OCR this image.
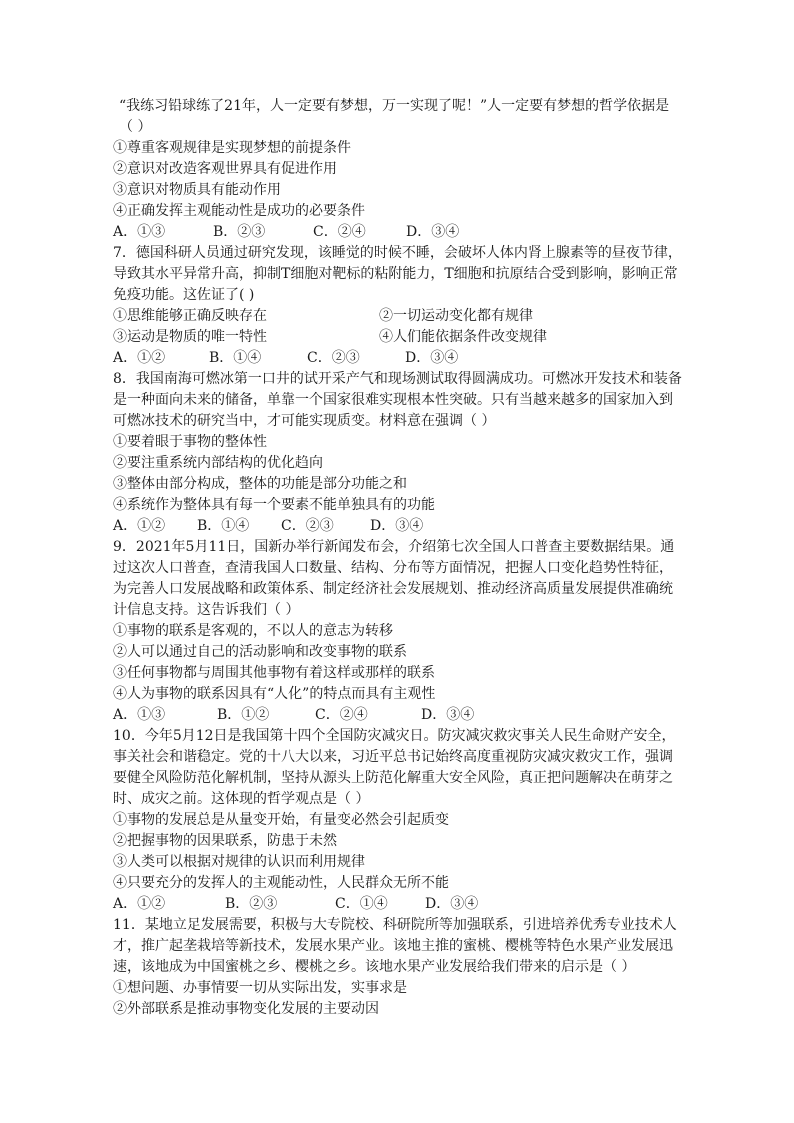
“我练习铅球练了21年，人一定要有梦想，万一实现了呢！”人一定要有梦想的哲学依据是
（ ）
①尊重客观规律是实现梦想的前提条件
②意识对改造客观世界具有促进作用
③意识对物质具有能动作用
④正确发挥主观能动性是成功的必要条件
A．①③	B．②③	C．②④	D．③④
7．德国科研人员通过研究发现，该睡觉的时候不睡，会破坏人体内肾上腺素等的昼夜节律，
导致其水平异常升高，抑制T细胞对靶标的粘附能力，T细胞和抗原结合受到影响，影响正常
免疫功能。这佐证了( )
①思维能够正确反映存在	②一切运动变化都有规律
③运动是物质的唯一特性	④人们能依据条件改变规律
A．①②	B．①④	C．②③	D．③④
8．我国南海可燃冰第一口井的试开采产气和现场测试取得圆满成功。可燃冰开发技术和装备
是一种面向未来的储备，单靠一个国家很难实现根本性突破。只有当越来越多的国家加入到
可燃冰技术的研究当中，才可能实现质变。材料意在强调（ ）
①要着眼于事物的整体性
②要注重系统内部结构的优化趋向
③整体由部分构成，整体的功能是部分功能之和
④系统作为整体具有每一个要素不能单独具有的功能
A．①②	B．①④	C．②③	D．③④
9．2021年5月11日，国新办举行新闻发布会，介绍第七次全国人口普查主要数据结果。通
过这次人口普查，查清我国人口数量、结构、分布等方面情况，把握人口变化趋势性特征，
为完善人口发展战略和政策体系、制定经济社会发展规划、推动经济高质量发展提供准确统
计信息支持。这告诉我们（ ）
①事物的联系是客观的，不以人的意志为转移
②人可以通过自己的活动影响和改变事物的联系
③任何事物都与周围其他事物有着这样或那样的联系
④人为事物的联系因具有“人化”的特点而具有主观性
A．①③	B．①②	C．②④	D．③④
10．今年5月12日是我国第十四个全国防灾减灾日。防灾减灾救灾事关人民生命财产安全，
事关社会和谐稳定。党的十八大以来，习近平总书记始终高度重视防灾减灾救灾工作，强调
要健全风险防范化解机制，坚持从源头上防范化解重大安全风险，真正把问题解决在萌芽之
时、成灾之前。这体现的哲学观点是（ ）
①事物的发展总是从量变开始，有量变必然会引起质变
②把握事物的因果联系，防患于未然
③人类可以根据对规律的认识而利用规律
④只要充分的发挥人的主观能动性，人民群众无所不能
A．①②	B．②③	C．①④	D．③④
11．某地立足发展需要，积极与大专院校、科研院所等加强联系，引进培养优秀专业技术人
才，推广起垄栽培等新技术，发展水果产业。该地主推的蜜桃、樱桃等特色水果产业发展迅
速，该地成为中国蜜桃之乡、樱桃之乡。该地水果产业发展给我们带来的启示是（ ）
①想问题、办事情要一切从实际出发，实事求是
②外部联系是推动事物变化发展的主要动因
